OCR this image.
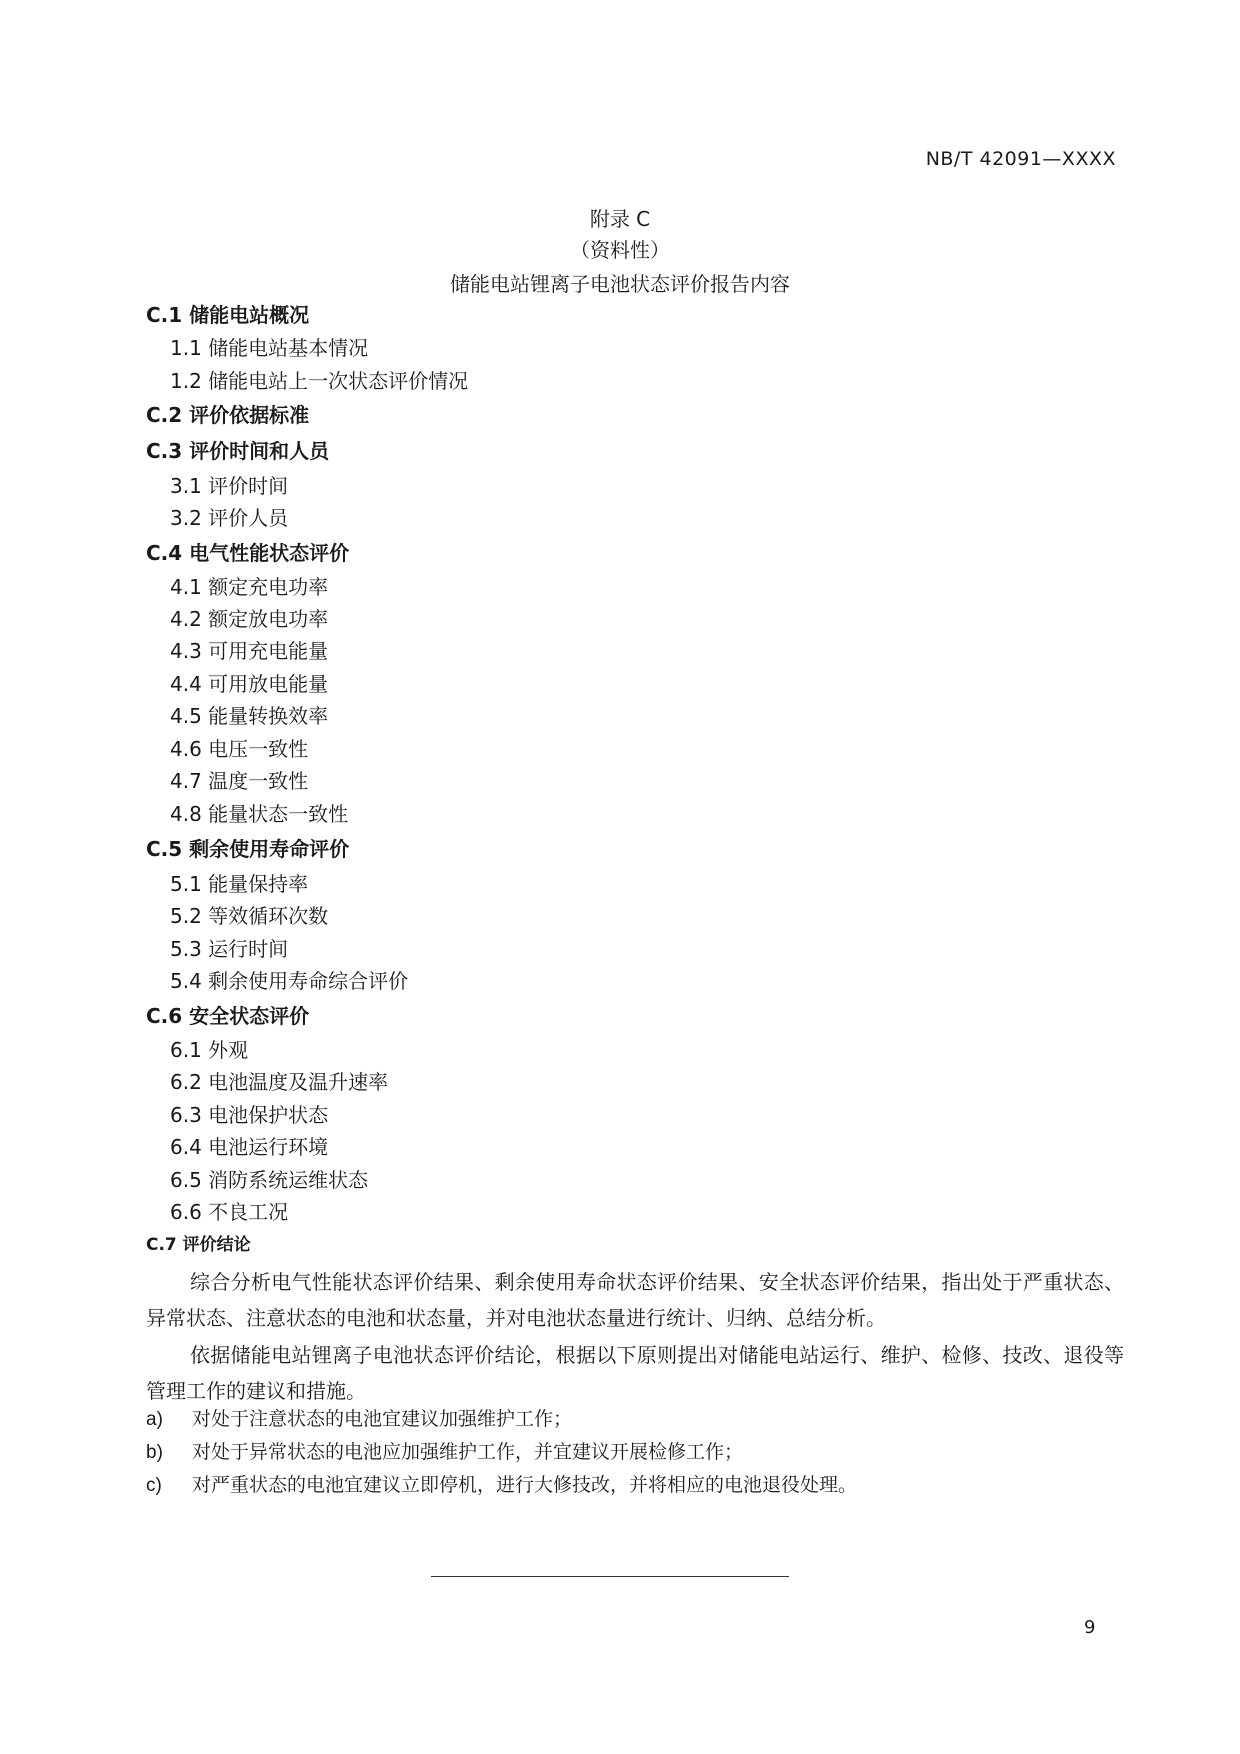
NB/T 42091—XXXX
附录 C
（资料性）
储能电站锂离子电池状态评价报告内容
C.1 储能电站概况
1.1 储能电站基本情况
1.2 储能电站上一次状态评价情况
C.2 评价依据标准
C.3 评价时间和人员
3.1 评价时间
3.2 评价人员
C.4 电气性能状态评价
4.1 额定充电功率
4.2 额定放电功率
4.3 可用充电能量
4.4 可用放电能量
4.5 能量转换效率
4.6 电压一致性
4.7 温度一致性
4.8 能量状态一致性
C.5 剩余使用寿命评价
5.1 能量保持率
5.2 等效循环次数
5.3 运行时间
5.4 剩余使用寿命综合评价
C.6 安全状态评价
6.1 外观
6.2 电池温度及温升速率
6.3 电池保护状态
6.4 电池运行环境
6.5 消防系统运维状态
6.6 不良工况
C.7 评价结论
综合分析电气性能状态评价结果、剩余使用寿命状态评价结果、安全状态评价结果，指出处于严重状态、异常状态、注意状态的电池和状态量，并对电池状态量进行统计、归纳、总结分析。
依据储能电站锂离子电池状态评价结论，根据以下原则提出对储能电站运行、维护、检修、技改、退役等管理工作的建议和措施。
a) 对处于注意状态的电池宜建议加强维护工作；
b) 对处于异常状态的电池应加强维护工作，并宜建议开展检修工作；
c) 对严重状态的电池宜建议立即停机，进行大修技改，并将相应的电池退役处理。
9
